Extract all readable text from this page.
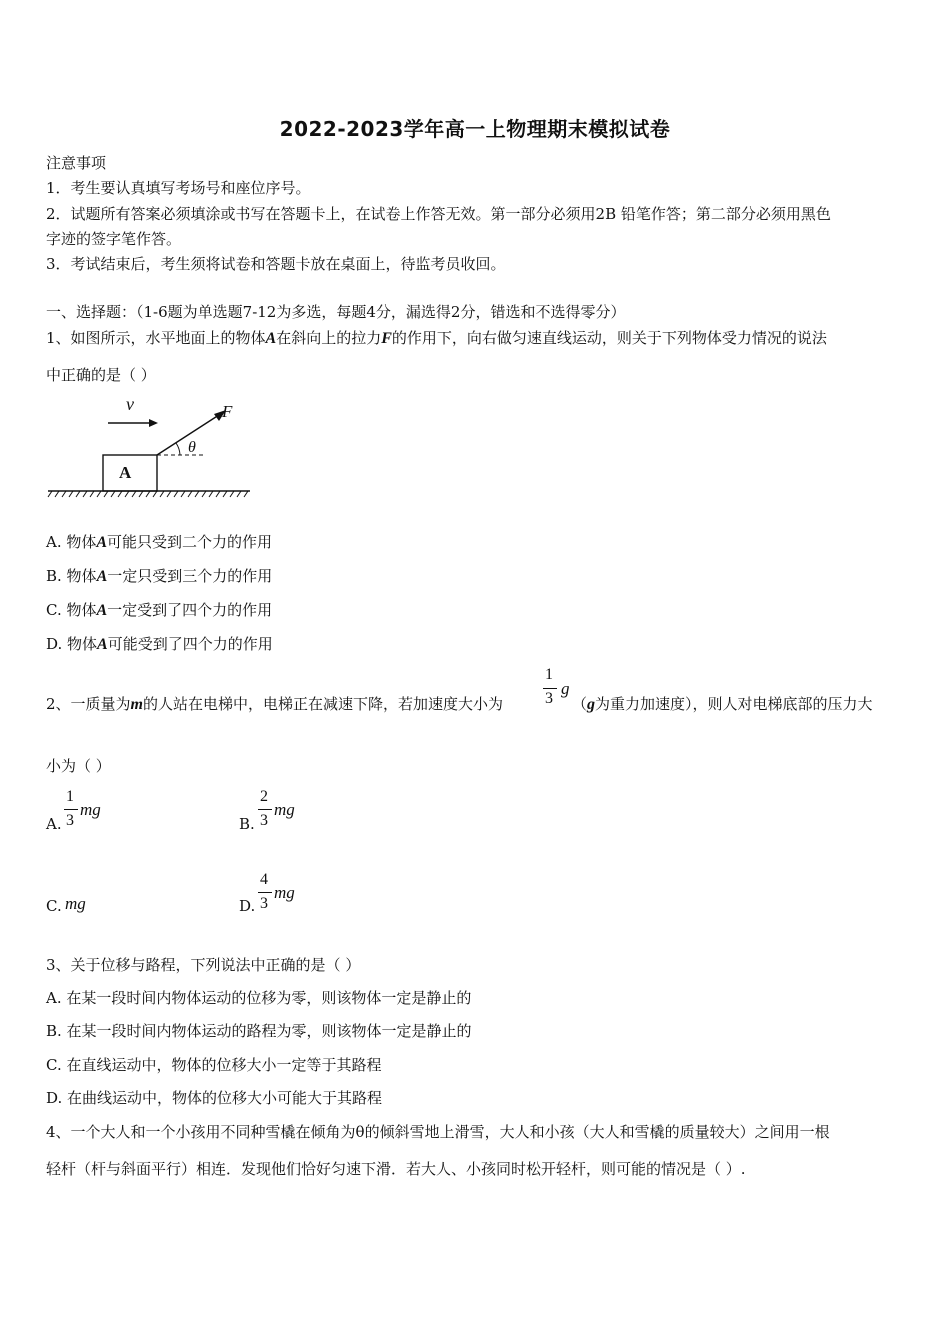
2022-2023学年高一上物理期末模拟试卷
注意事项
1．考生要认真填写考场号和座位序号。
2．试题所有答案必须填涂或书写在答题卡上，在试卷上作答无效。第一部分必须用2B 铅笔作答；第二部分必须用黑色
字迹的签字笔作答。
3．考试结束后，考生须将试卷和答题卡放在桌面上，待监考员收回。
一、选择题：（1-6题为单选题7-12为多选，每题4分，漏选得2分，错选和不选得零分）
1、如图所示，水平地面上的物体A在斜向上的拉力F的作用下，向右做匀速直线运动，则关于下列物体受力情况的说法
中正确的是（ ）
v
A
F
θ
A. 物体A可能只受到二个力的作用
B. 物体A一定只受到三个力的作用
C. 物体A一定受到了四个力的作用
D. 物体A可能受到了四个力的作用
2、一质量为m的人站在电梯中，电梯正在减速下降，若加速度大小为
1
3
g
（g为重力加速度），则人对电梯底部的压力大
小为（ ）
A.
1
3
mg
B.
2
3
mg
C. mg	D.
4
3
mg
3、关于位移与路程，下列说法中正确的是（ ）
A. 在某一段时间内物体运动的位移为零，则该物体一定是静止的
B. 在某一段时间内物体运动的路程为零，则该物体一定是静止的
C. 在直线运动中，物体的位移大小一定等于其路程
D. 在曲线运动中，物体的位移大小可能大于其路程
4、一个大人和一个小孩用不同种雪橇在倾角为θ的倾斜雪地上滑雪，大人和小孩（大人和雪橇的质量较大）之间用一根
轻杆（杆与斜面平行）相连．发现他们恰好匀速下滑．若大人、小孩同时松开轻杆，则可能的情况是（ ）.
